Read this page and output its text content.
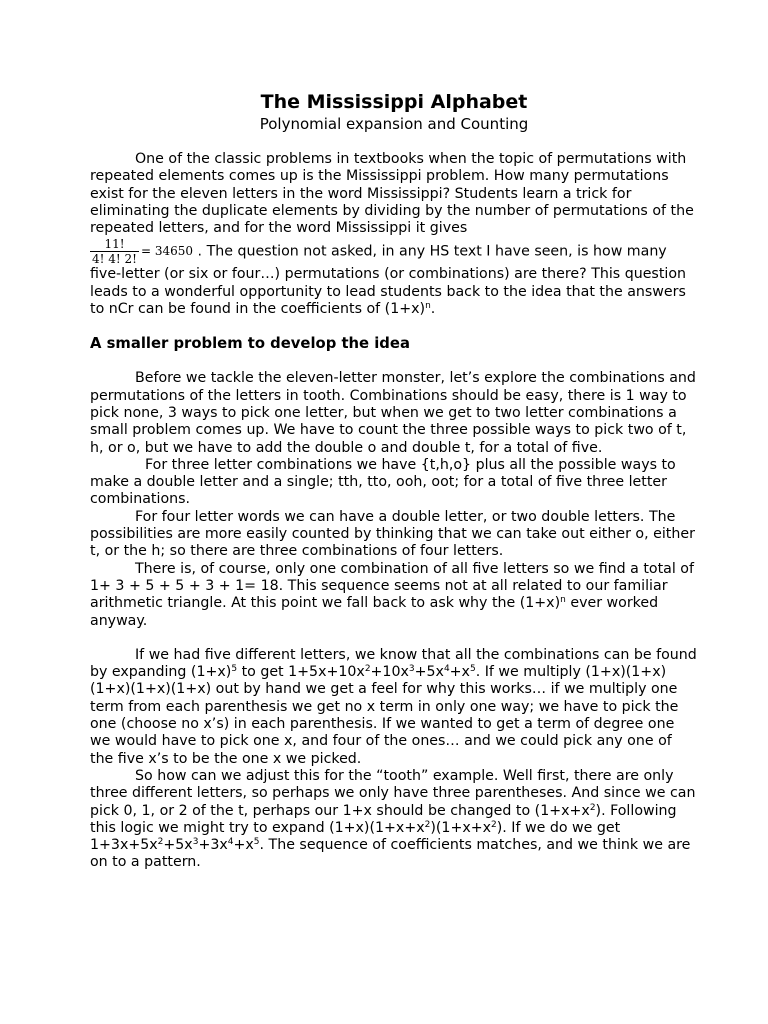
The Mississippi Alphabet

Polynomial expansion and Counting

One of the classic problems in textbooks when the topic of permutations with repeated elements comes up is the Mississippi problem. How many permutations exist for the eleven letters in the word Mississippi? Students learn a trick for eliminating the duplicate elements by dividing by the number of permutations of the repeated letters, and for the word Mississippi it gives

$\frac{11!}{4! 4! 2!} = 34650$ . The question not asked, in any HS text I have seen, is how many five-letter (or six or four…) permutations (or combinations) are there? This question leads to a wonderful opportunity to lead students back to the idea that the answers to nCr can be found in the coefficients of $(1+x)^n$.

A smaller problem to develop the idea

Before we tackle the eleven-letter monster, let’s explore the combinations and permutations of the letters in tooth. Combinations should be easy, there is 1 way to pick none, 3 ways to pick one letter, but when we get to two letter combinations a small problem comes up. We have to count the three possible ways to pick two of t, h, or o, but we have to add the double o and double t, for a total of five.

For three letter combinations we have {t,h,o} plus all the possible ways to make a double letter and a single; tth, tto, ooh, oot; for a total of five three letter combinations.

For four letter words we can have a double letter, or two double letters. The possibilities are more easily counted by thinking that we can take out either o, either t, or the h; so there are three combinations of four letters.

There is, of course, only one combination of all five letters so we find a total of 1+ 3 + 5 + 5 + 3 + 1= 18. This sequence seems not at all related to our familiar arithmetic triangle. At this point we fall back to ask why the $(1+x)^n$ ever worked anyway.

If we had five different letters, we know that all the combinations can be found by expanding $(1+x)^5$ to get $1+5x+10x^2+10x^3+5x^4+x^5$. If we multiply (1+x)(1+x)(1+x)(1+x)(1+x) out by hand we get a feel for why this works… if we multiply one term from each parenthesis we get no x term in only one way; we have to pick the one (choose no x’s) in each parenthesis. If we wanted to get a term of degree one we would have to pick one x, and four of the ones… and we could pick any one of the five x’s to be the one x we picked.

So how can we adjust this for the “tooth” example. Well first, there are only three different letters, so perhaps we only have three parentheses. And since we can pick 0, 1, or 2 of the t, perhaps our 1+x should be changed to $(1+x+x^2)$. Following this logic we might try to expand $(1+x)(1+x+x^2)(1+x+x^2)$. If we do we get $1+3x+5x^2+5x^3+3x^4+x^5$. The sequence of coefficients matches, and we think we are on to a pattern.
